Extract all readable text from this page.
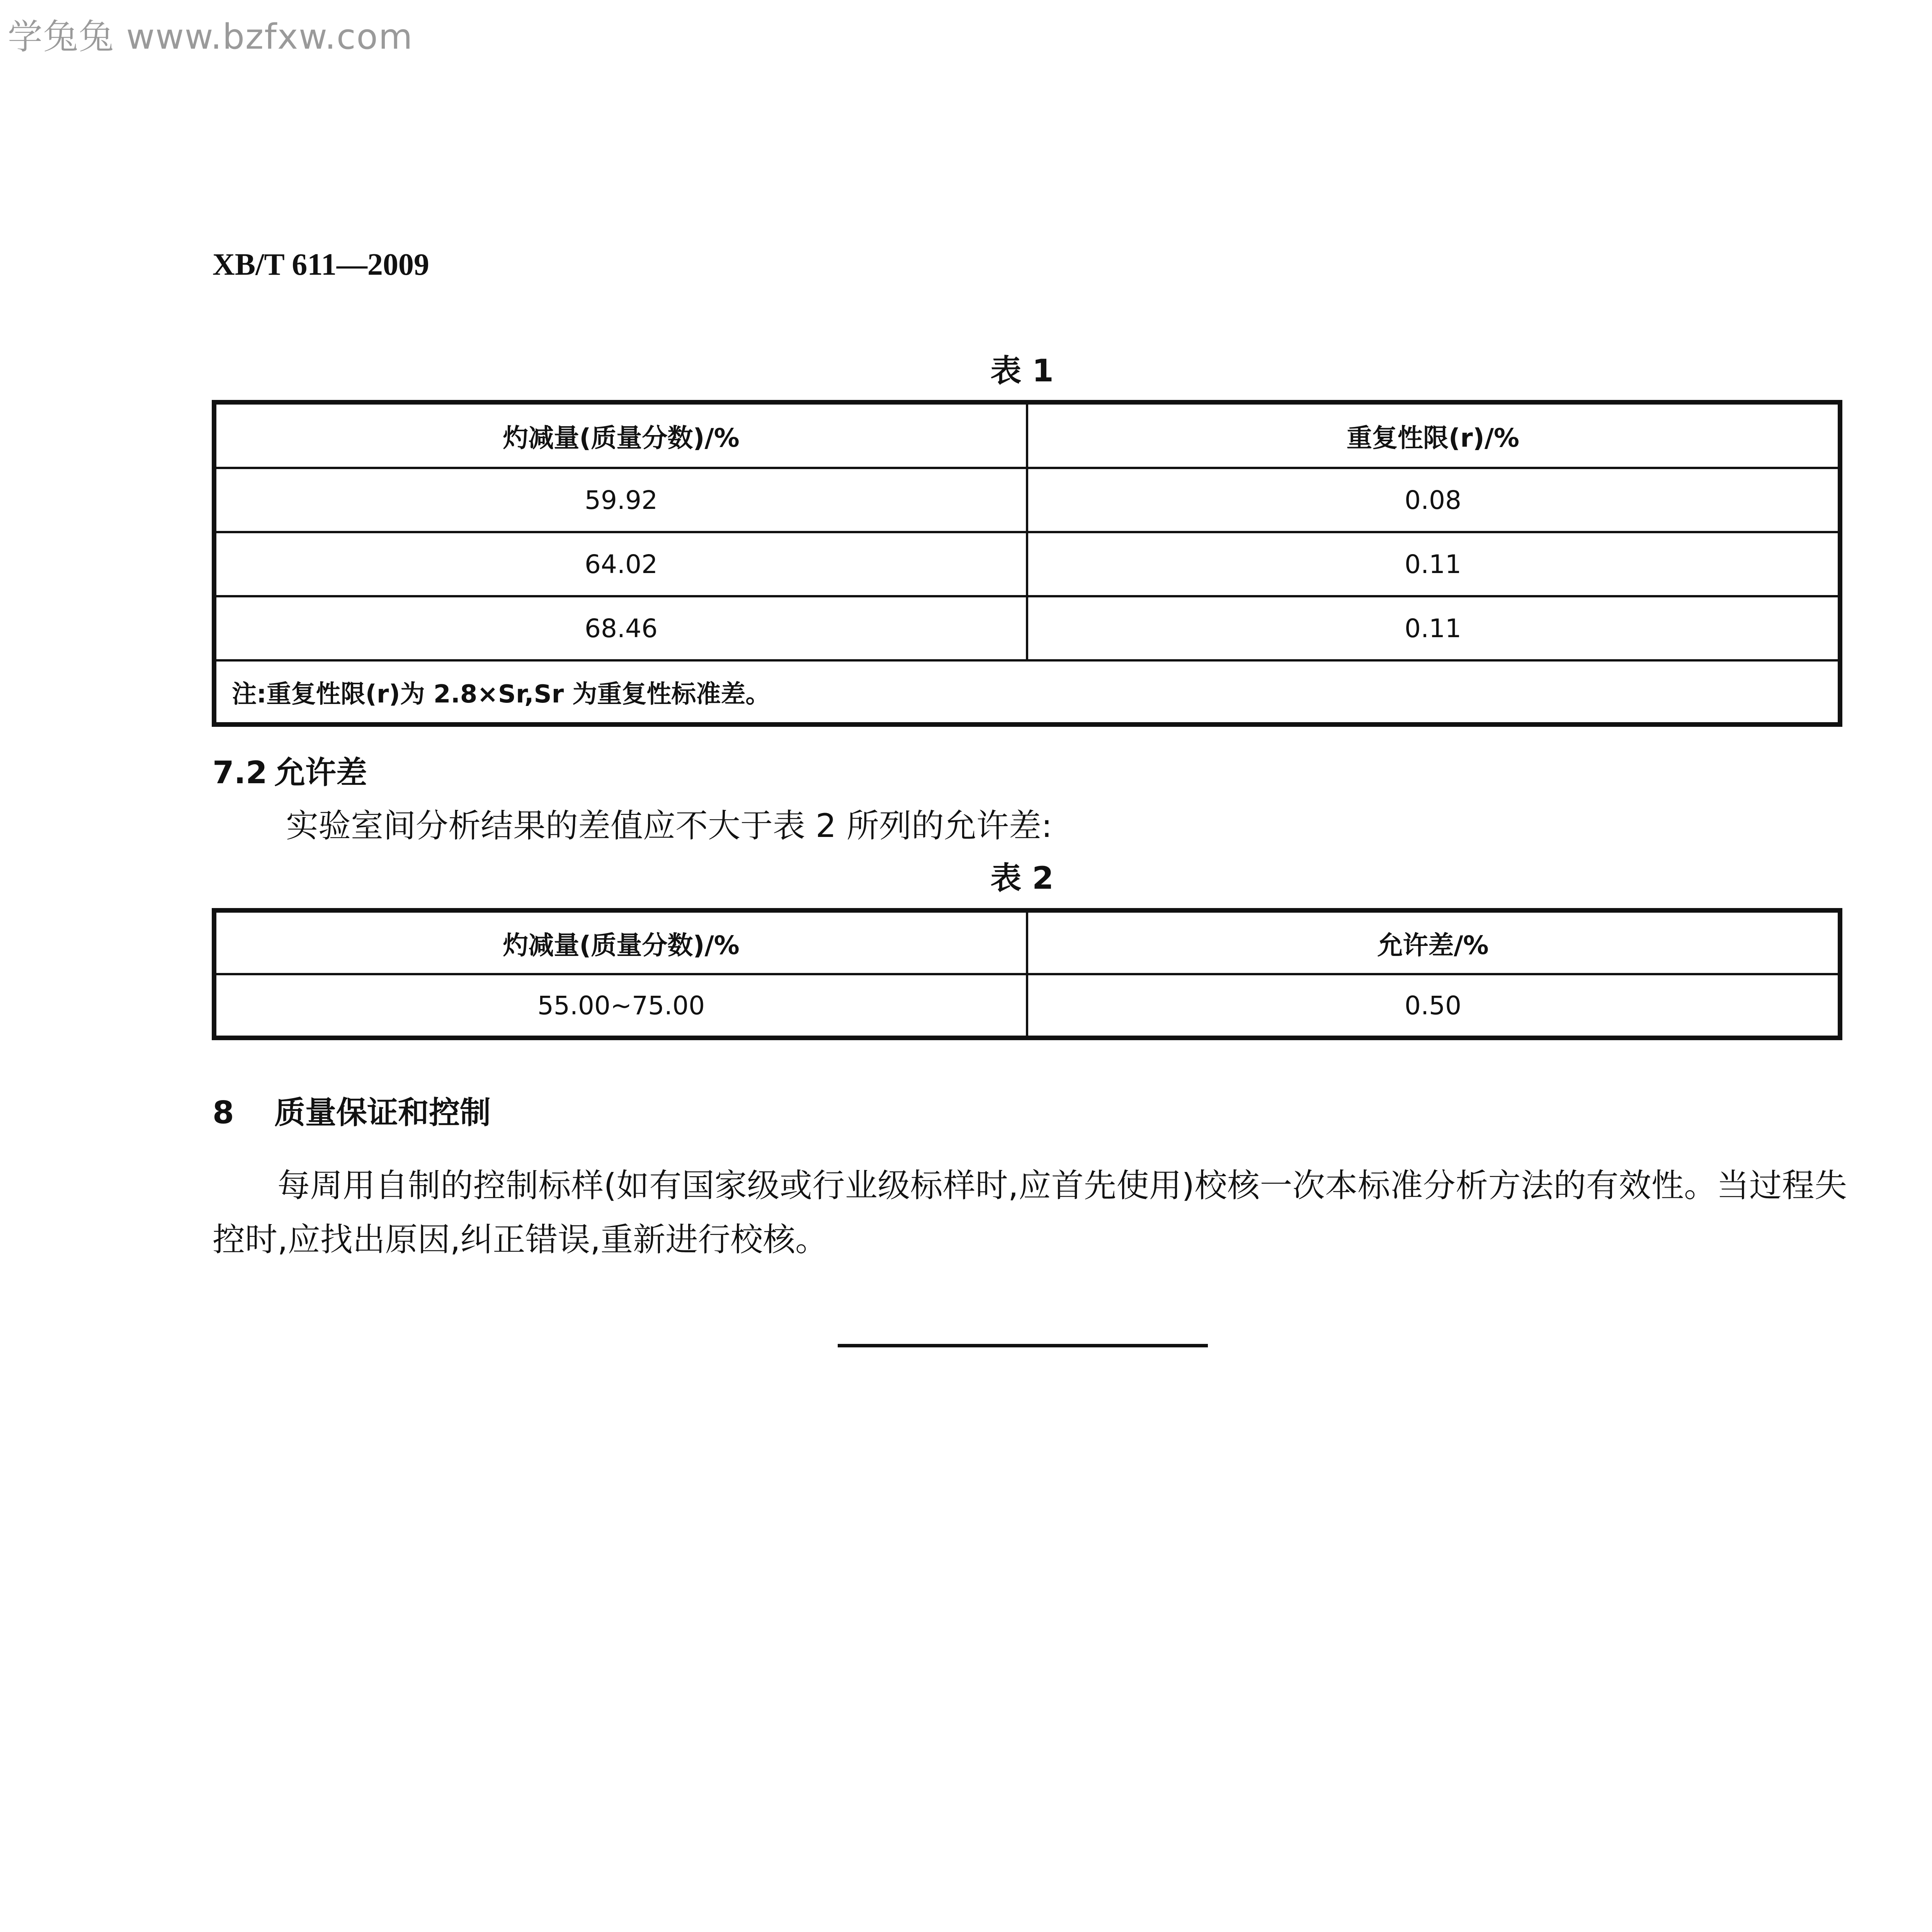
学兔兔 www.bzfxw.com
XB/T 611—2009
表 1
灼减量(质量分数)/%	重复性限(r)/%
59.92	0.08
64.02	0.11
68.46	0.11
注:重复性限(r)为 2.8×Sr,Sr 为重复性标准差。	
7.2 允许差
实验室间分析结果的差值应不大于表 2 所列的允许差:
表 2
灼减量(质量分数)/%	允许差/%
55.00~75.00	0.50
8 质量保证和控制
每周用自制的控制标样(如有国家级或行业级标样时,应首先使用)校核一次本标准分析方法的有效性。当过程失控时,应找出原因,纠正错误,重新进行校核。
